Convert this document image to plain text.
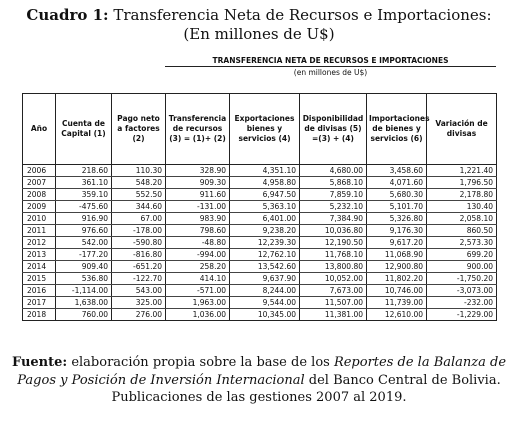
Cuadro 1: Transferencia Neta de Recursos e Importaciones:
(En millones de U$)
TRANSFERENCIA NETA DE RECURSOS E IMPORTACIONES
(en millones de U$)
Año	Cuenta de Capital (1)	Pago neto a factores (2)	Transferencia de recursos (3) = (1)+ (2)	Exportaciones bienes y servicios (4)	Disponibilidad de divisas (5) =(3) + (4)	Importaciones de bienes y servicios (6)	Variación de divisas
2006	218.60	110.30	328.90	4,351.10	4,680.00	3,458.60	1,221.40
2007	361.10	548.20	909.30	4,958.80	5,868.10	4,071.60	1,796.50
2008	359.10	552.50	911.60	6,947.50	7,859.10	5,680.30	2,178.80
2009	-475.60	344.60	-131.00	5,363.10	5,232.10	5,101.70	130.40
2010	916.90	67.00	983.90	6,401.00	7,384.90	5,326.80	2,058.10
2011	976.60	-178.00	798.60	9,238.20	10,036.80	9,176.30	860.50
2012	542.00	-590.80	-48.80	12,239.30	12,190.50	9,617.20	2,573.30
2013	-177.20	-816.80	-994.00	12,762.10	11,768.10	11,068.90	699.20
2014	909.40	-651.20	258.20	13,542.60	13,800.80	12,900.80	900.00
2015	536.80	-122.70	414.10	9,637.90	10,052.00	11,802.20	-1,750.20
2016	-1,114.00	543.00	-571.00	8,244.00	7,673.00	10,746.00	-3,073.00
2017	1,638.00	325.00	1,963.00	9,544.00	11,507.00	11,739.00	-232.00
2018	760.00	276.00	1,036.00	10,345.00	11,381.00	12,610.00	-1,229.00
Fuente: elaboración propia sobre la base de los Reportes de la Balanza de Pagos y Posición de Inversión Internacional del Banco Central de Bolivia.
Publicaciones de las gestiones 2007 al 2019.
